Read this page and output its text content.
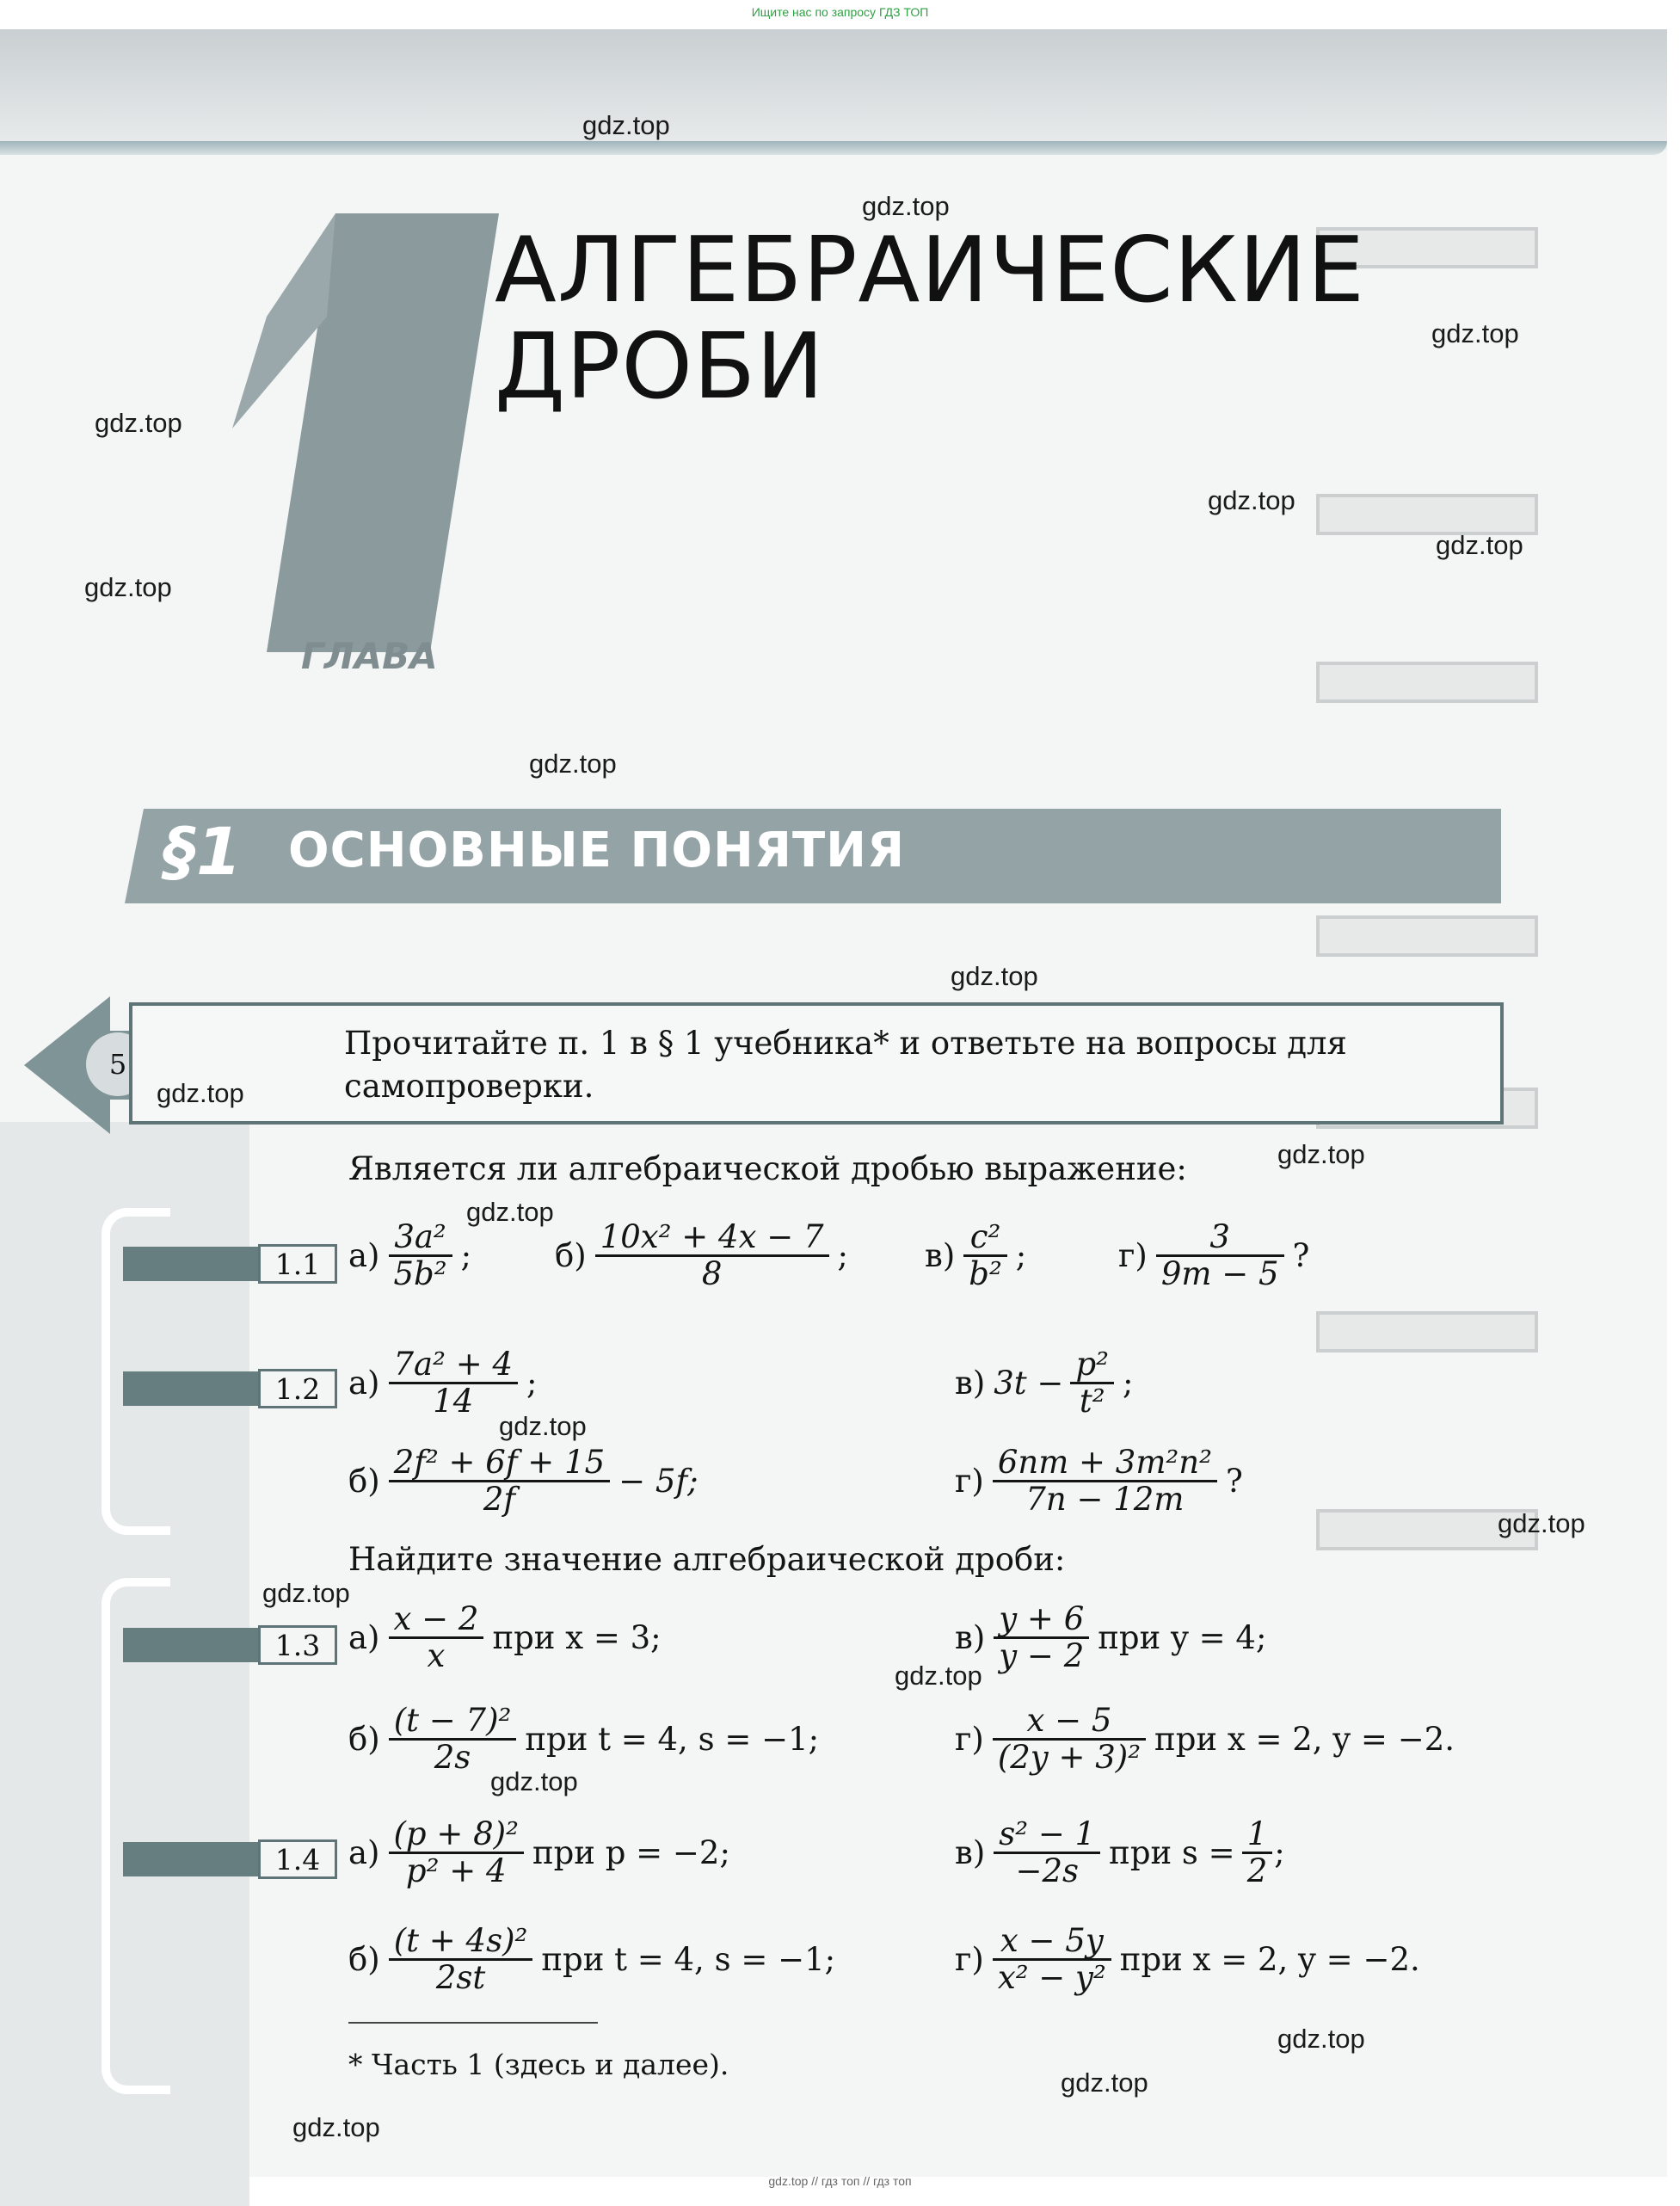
Ищите нас по запросу ГДЗ ТОП

АЛГЕБРАИЧЕСКИЕ
ДРОБИ
ГЛАВА
§1 ОСНОВНЫЕ ПОНЯТИЯ
5
Прочитайте п. 1 в § 1 учебника* и ответьте на вопросы для самопроверки.
Является ли алгебраической дробью выражение:
1.1 $а) \frac{\text{3a²}}{\text{5b²}}$ ;	$б) \frac{\text{10x² + 4x − 7}}{8}$ ; $в) \frac{\text{c²}}{\text{b²}}$ ;	$г) \frac{3}{9m - 5}$ ?
1.2 $а) \frac{\text{7a² + 4}}{14}$ ;	в) $3t - \frac{\text{p²}}{\text{t²}}$ ;
$б) \frac{\text{2f² + 6f + 15}}{2f} - 5f$;	$г) \frac{\text{6nm + 3m²n²}}{7n - 12m}$ ?
Найдите значение алгебраической дроби:
1.3 $а) \frac{x - 2}{x}$ при x = 3;	$в) \frac{y + 6}{y - 2}$ при y = 4;
$б) \frac{\text{(t − 7)²}}{2s}$ при t = 4, s = −1;	$г) \frac{x - 5}{\text{(2y + 3)²}}$ при x = 2, y = −2.
1.4 $а) \frac{\text{(p + 8)²}}{\text{p² + 4}}$ при p = −2;	$в) \frac{\text{s² − 1}}{-2s}$ при $s = \frac{1}{2}$ ;
$б) \frac{\text{(t + 4s)²}}{2st}$ при t = 4, s = −1;	$г) \frac{x - 5y}{\text{x² − y²}}$ при x = 2, y = −2.
* Часть 1 (здесь и далее).
gdz.top
gdz.top
gdz.top
gdz.top
gdz.top
gdz.top
gdz.top
gdz.top
gdz.top
gdz.top
gdz.top
gdz.top
gdz.top
gdz.top
gdz.top
gdz.top
gdz.top
gdz.top
gdz.top
gdz.top
gdz.top // гдз топ // гдз топ
